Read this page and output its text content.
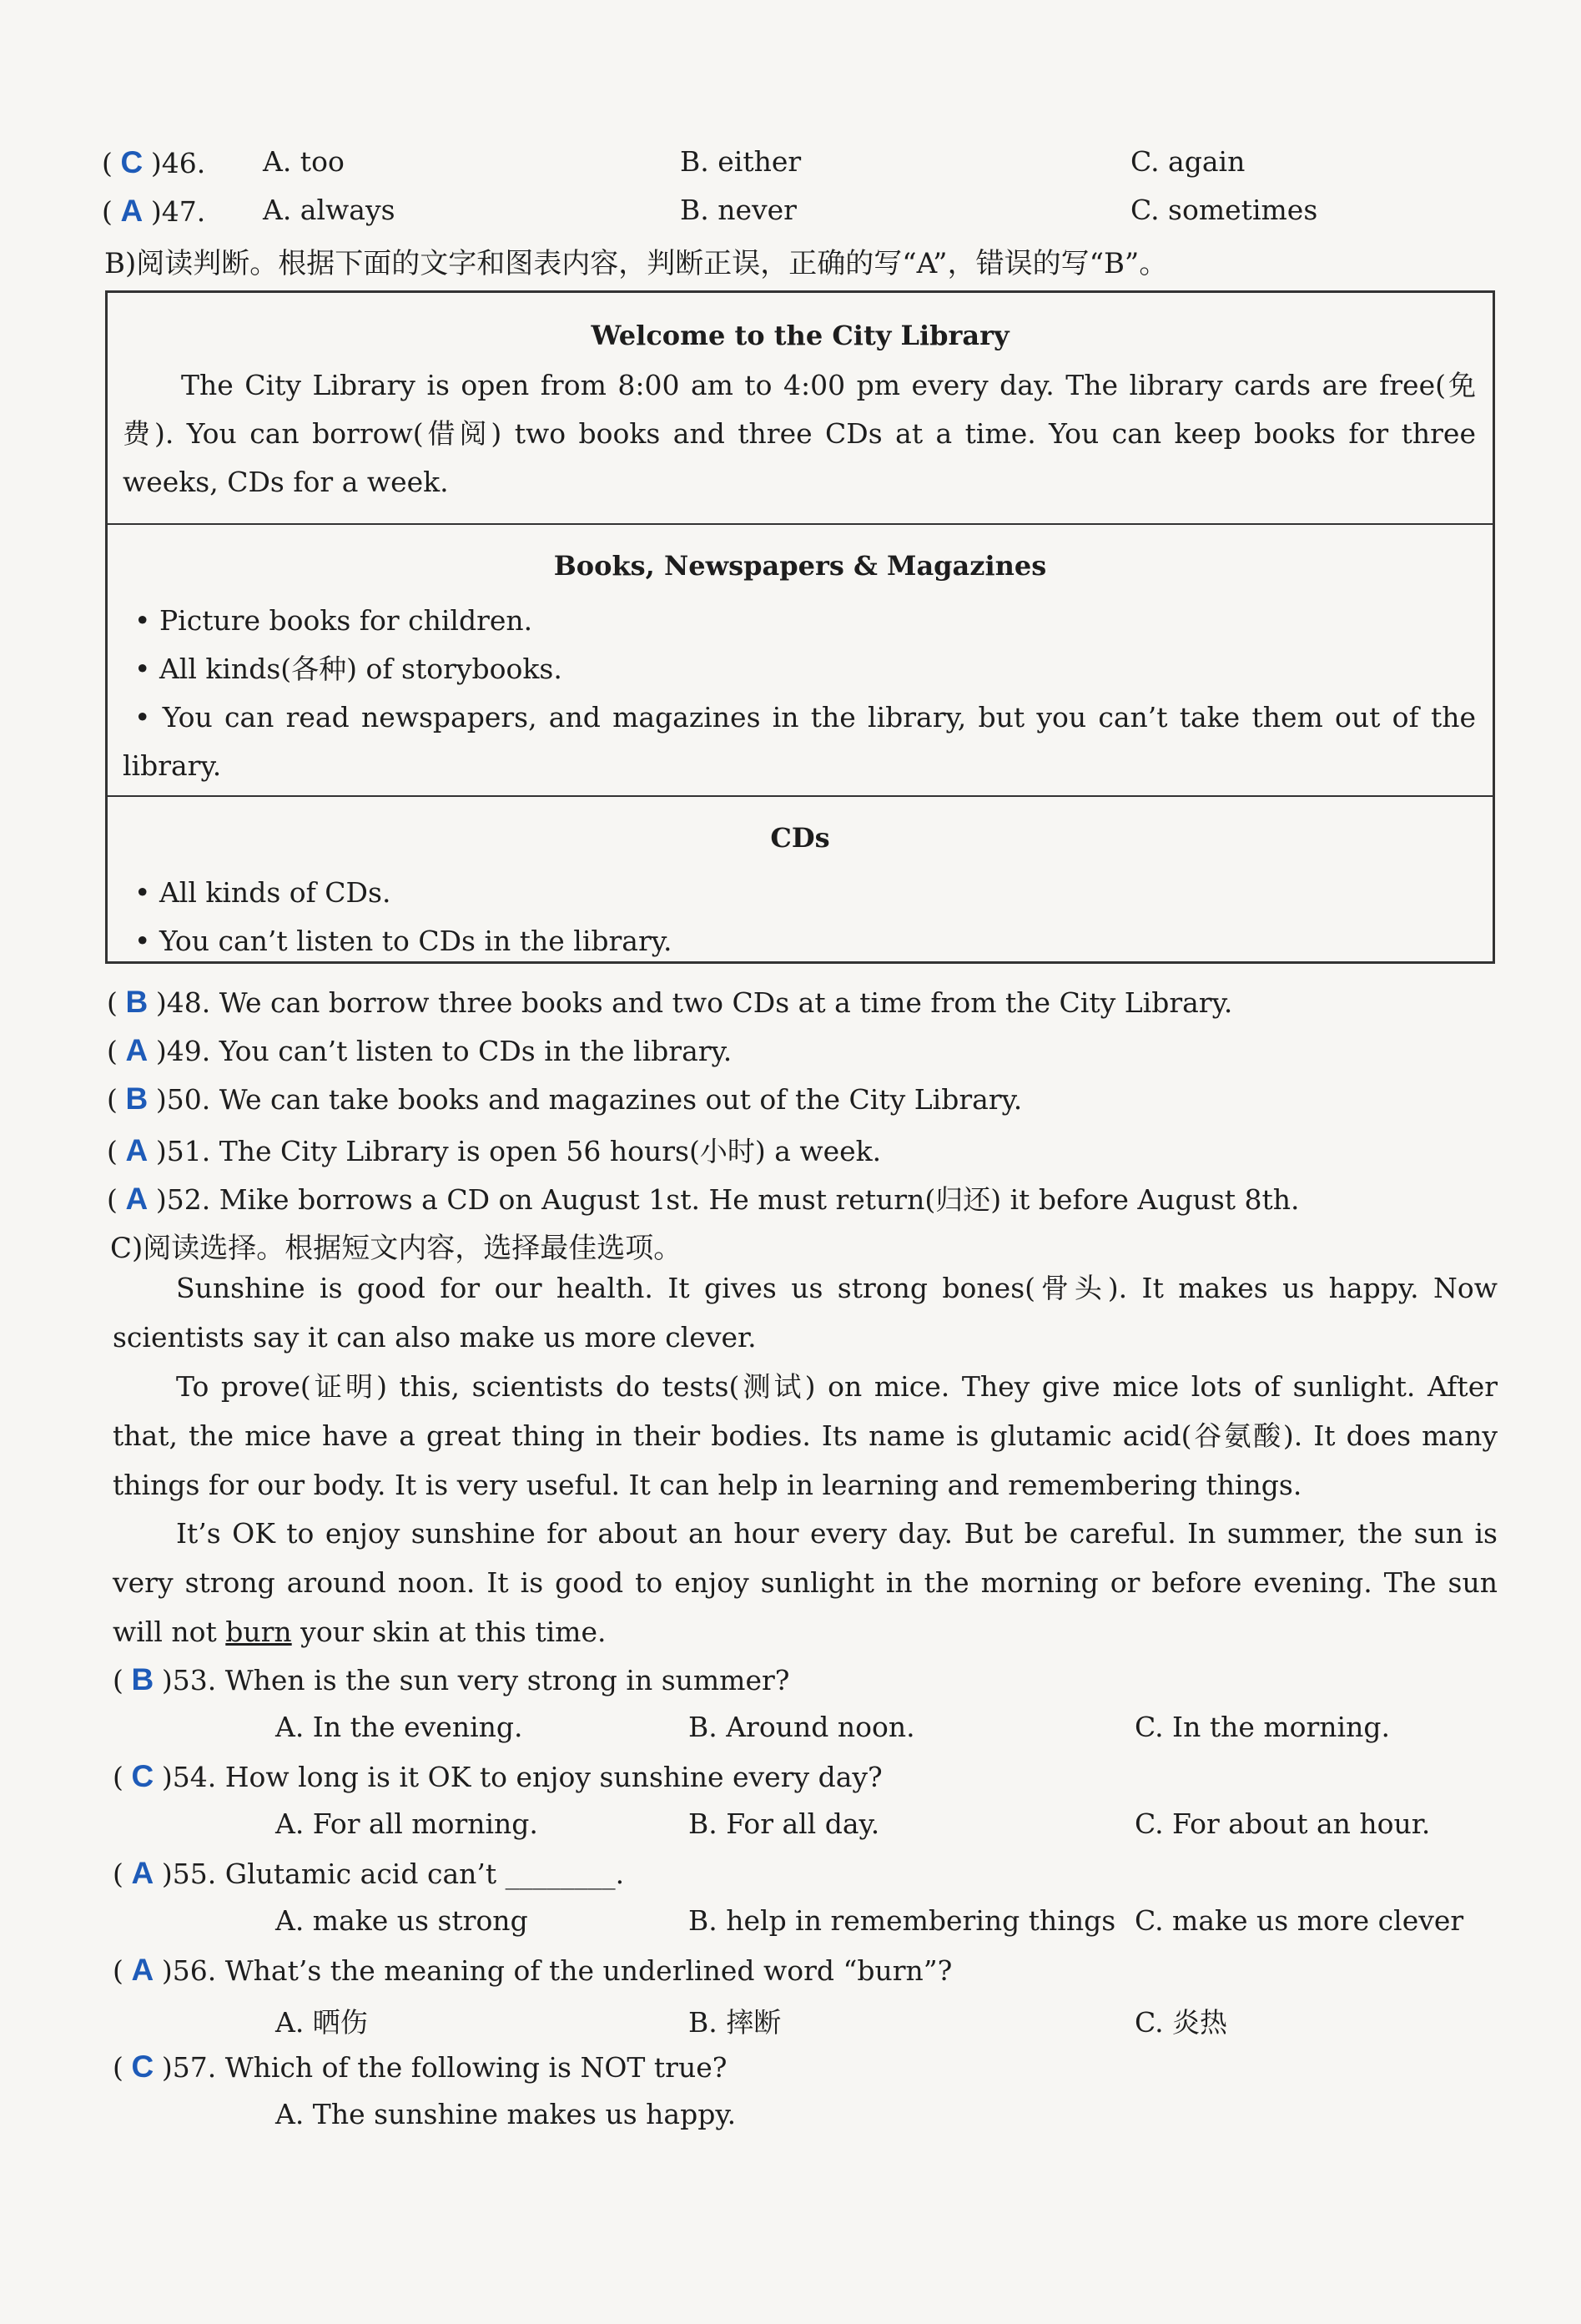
( C )46. A. too	B. either	C. again
( A )47. A. always	B. never	C. sometimes
B)阅读判断。根据下面的文字和图表内容，判断正误，正确的写“A”，错误的写“B”。
Welcome to the City Library

The City Library is open from 8:00 am to 4:00 pm every day. The library cards are free(免费). You can borrow(借阅) two books and three CDs at a time. You can keep books for three weeks, CDs for a week.

Books, Newspapers & Magazines

• Picture books for children.

• All kinds(各种) of storybooks.

• You can read newspapers, and magazines in the library, but you can’t take them out of the library.

CDs

• All kinds of CDs.

• You can’t listen to CDs in the library.

( B )48. We can borrow three books and two CDs at a time from the City Library.
( A )49. You can’t listen to CDs in the library.
( B )50. We can take books and magazines out of the City Library.
( A )51. The City Library is open 56 hours(小时) a week.
( A )52. Mike borrows a CD on August 1st. He must return(归还) it before August 8th.
C)阅读选择。根据短文内容，选择最佳选项。
Sunshine is good for our health. It gives us strong bones(骨头). It makes us happy. Now scientists say it can also make us more clever.
To prove(证明) this, scientists do tests(测试) on mice. They give mice lots of sunlight. After that, the mice have a great thing in their bodies. Its name is glutamic acid(谷氨酸). It does many things for our body. It is very useful. It can help in learning and remembering things.
It’s OK to enjoy sunshine for about an hour every day. But be careful. In summer, the sun is very strong around noon. It is good to enjoy sunlight in the morning or before evening. The sun will not burn your skin at this time.
( B )53. When is the sun very strong in summer?
A. In the evening.	B. Around noon.	C. In the morning.
( C )54. How long is it OK to enjoy sunshine every day?
A. For all morning.	B. For all day.	C. For about an hour.
( A )55. Glutamic acid can’t ________.
A. make us strong	B. help in remembering things C. make us more clever
( A )56. What’s the meaning of the underlined word “burn”?
A. 晒伤	B. 摔断	C. 炎热
( C )57. Which of the following is NOT true?
A. The sunshine makes us happy.
